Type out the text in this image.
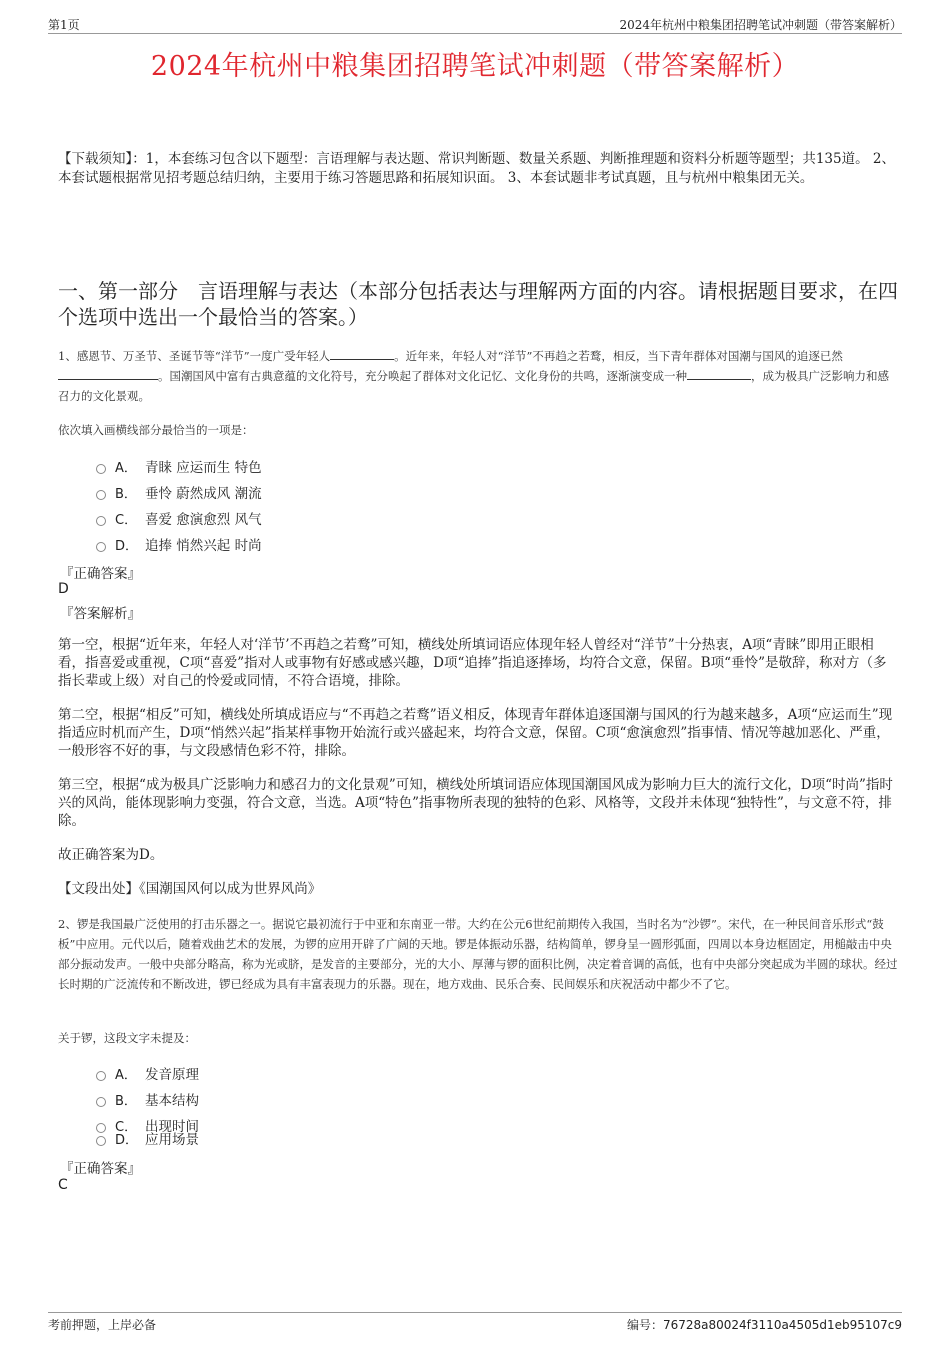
第1页	2024年杭州中粮集团招聘笔试冲刺题（带答案解析）
2024年杭州中粮集团招聘笔试冲刺题（带答案解析）
【下载须知】：1，本套练习包含以下题型：言语理解与表达题、常识判断题、数量关系题、判断推理题和资料分析题等题型；共135道。 2、本套试题根据常见招考题总结归纳，主要用于练习答题思路和拓展知识面。 3、本套试题非考试真题，且与杭州中粮集团无关。
一、第一部分　言语理解与表达（本部分包括表达与理解两方面的内容。请根据题目要求，在四个选项中选出一个最恰当的答案。）
1、感恩节、万圣节、圣诞节等“洋节”一度广受年轻人	。近年来，年轻人对“洋节”不再趋之若鹜，相反，当下青年群体对国潮与国风的追逐已然。国潮国风中富有古典意蕴的文化符号，充分唤起了群体对文化记忆、文化身份的共鸣，逐渐演变成一种	，成为极具广泛影响力和感召力的文化景观。
依次填入画横线部分最恰当的一项是：
A． 青睐 应运而生 特色
B． 垂怜 蔚然成风 潮流
C． 喜爱 愈演愈烈 风气
D． 追捧 悄然兴起 时尚
『正确答案』
D
『答案解析』
第一空，根据“近年来，年轻人对‘洋节’不再趋之若鹜”可知，横线处所填词语应体现年轻人曾经对“洋节”十分热衷，A项“青睐”即用正眼相看，指喜爱或重视，C项“喜爱”指对人或事物有好感或感兴趣，D项“追捧”指追逐捧场，均符合文意，保留。B项“垂怜”是敬辞，称对方（多指长辈或上级）对自己的怜爱或同情，不符合语境，排除。
第二空，根据“相反”可知，横线处所填成语应与“不再趋之若鹜”语义相反，体现青年群体追逐国潮与国风的行为越来越多，A项“应运而生”现指适应时机而产生，D项“悄然兴起”指某样事物开始流行或兴盛起来，均符合文意，保留。C项“愈演愈烈”指事情、情况等越加恶化、严重，一般形容不好的事，与文段感情色彩不符，排除。
第三空，根据“成为极具广泛影响力和感召力的文化景观”可知，横线处所填词语应体现国潮国风成为影响力巨大的流行文化，D项“时尚”指时兴的风尚，能体现影响力变强，符合文意，当选。A项“特色”指事物所表现的独特的色彩、风格等，文段并未体现“独特性”，与文意不符，排除。
故正确答案为D。
【文段出处】《国潮国风何以成为世界风尚》
2、锣是我国最广泛使用的打击乐器之一。据说它最初流行于中亚和东南亚一带。大约在公元6世纪前期传入我国，当时名为“沙锣”。宋代，在一种民间音乐形式“鼓板”中应用。元代以后，随着戏曲艺术的发展，为锣的应用开辟了广阔的天地。锣是体振动乐器，结构简单，锣身呈一圆形弧面，四周以本身边框固定，用槌敲击中央部分振动发声。一般中央部分略高，称为光或脐，是发音的主要部分，光的大小、厚薄与锣的面积比例，决定着音调的高低，也有中央部分突起成为半圆的球状。经过长时期的广泛流传和不断改进，锣已经成为具有丰富表现力的乐器。现在，地方戏曲、民乐合奏、民间娱乐和庆祝活动中都少不了它。
关于锣，这段文字未提及：
A． 发音原理
B． 基本结构
C． 出现时间
D． 应用场景
『正确答案』
C
考前押题，上岸必备	编号：76728a80024f3110a4505d1eb95107c9
